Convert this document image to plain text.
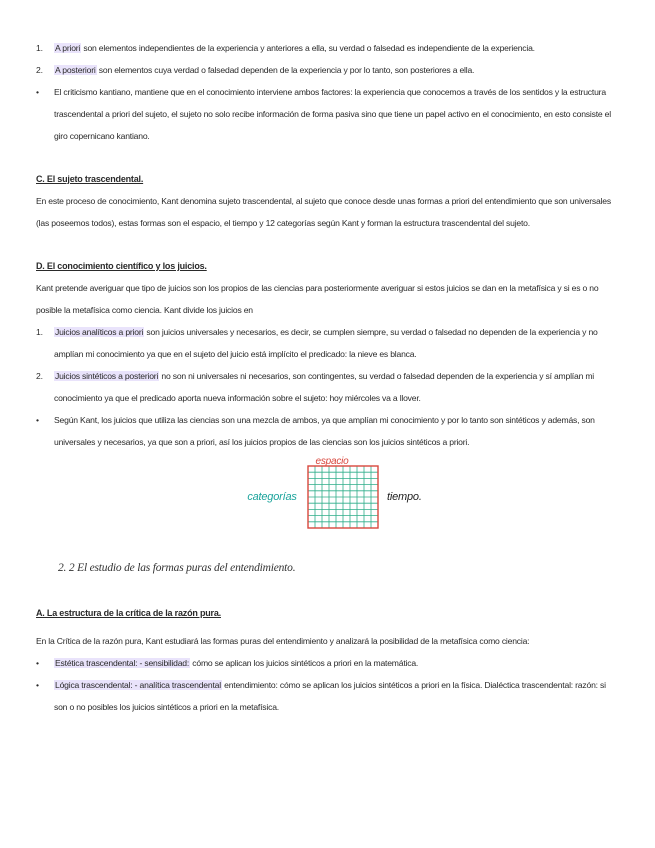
1. A priori son elementos independientes de la experiencia y anteriores a ella, su verdad o falsedad es independiente de la experiencia.
2. A posteriori son elementos cuya verdad o falsedad dependen de la experiencia y por lo tanto, son posteriores a ella.
• El criticismo kantiano, mantiene que en el conocimiento interviene ambos factores: la experiencia que conocemos a través de los sentidos y la estructura trascendental a priori del sujeto, el sujeto no solo recibe información de forma pasiva sino que tiene un papel activo en el conocimiento, en esto consiste el giro copernicano kantiano.
C. El sujeto trascendental.
En este proceso de conocimiento, Kant denomina sujeto trascendental, al sujeto que conoce desde unas formas a priori del entendimiento que son universales (las poseemos todos), estas formas son el espacio, el tiempo y 12 categorías según Kant y forman la estructura trascendental del sujeto.
D. El conocimiento científico y los juicios.
Kant pretende averiguar que tipo de juicios son los propios de las ciencias para posteriormente averiguar si estos juicios se dan en la metafísica y si es o no posible la metafísica como ciencia. Kant divide los juicios en
1. Juicios analíticos a priori son juicios universales y necesarios, es decir, se cumplen siempre, su verdad o falsedad no dependen de la experiencia y no amplían mi conocimiento ya que en el sujeto del juicio está implícito el predicado: la nieve es blanca.
2. Juicios sintéticos a posteriori no son ni universales ni necesarios, son contingentes, su verdad o falsedad dependen de la experiencia y sí amplían mi conocimiento ya que el predicado aporta nueva información sobre el sujeto: hoy miércoles va a llover.
• Según Kant, los juicios que utiliza las ciencias son una mezcla de ambos, ya que amplían mi conocimiento y por lo tanto son sintéticos y además, son universales y necesarios, ya que son a priori, así los juicios propios de las ciencias son los juicios sintéticos a priori.
espacio
categorías	tiempo.
2. 2 El estudio de las formas puras del entendimiento.
A. La estructura de la crítica de la razón pura.
En la Crítica de la razón pura, Kant estudiará las formas puras del entendimiento y analizará la posibilidad de la metafísica como ciencia:
• Estética trascendental: - sensibilidad: cómo se aplican los juicios sintéticos a priori en la matemática.
• Lógica trascendental: - analítica trascendental entendimiento: cómo se aplican los juicios sintéticos a priori en la física. Dialéctica trascendental: razón: si son o no posibles los juicios sintéticos a priori en la metafísica.
